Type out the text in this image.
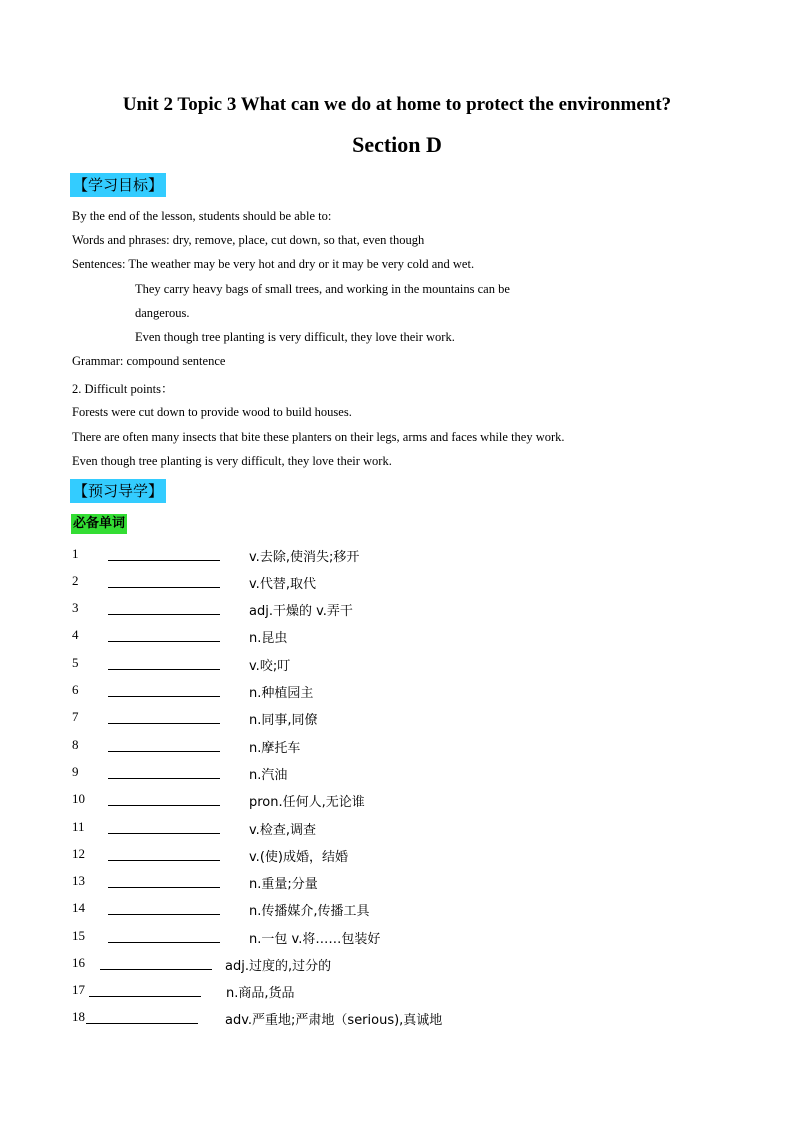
Unit 2 Topic 3 What can we do at home to protect the environment?
Section D
【学习目标】
By the end of the lesson, students should be able to:
Words and phrases: dry, remove, place, cut down, so that, even though
Sentences: The weather may be very hot and dry or it may be very cold and wet.
They carry heavy bags of small trees, and working in the mountains can be
dangerous.
Even though tree planting is very difficult, they love their work.
Grammar: compound sentence
2. Difficult points：
Forests were cut down to provide wood to build houses.
There are often many insects that bite these planters on their legs, arms and faces while they work.
Even though tree planting is very difficult, they love their work.
【预习导学】
必备单词
1	v.去除,使消失;移开
2	v.代替,取代
3	adj.干燥的 v.弄干
4	n.昆虫
5	v.咬;叮
6	n.种植园主
7	n.同事,同僚
8	n.摩托车
9	n.汽油
10	pron.任何人,无论谁
11	v.检查,调查
12	v.(使)成婚，结婚
13	n.重量;分量
14	n.传播媒介,传播工具
15	n.一包 v.将……包装好
16	adj.过度的,过分的
17	n.商品,货品
18	adv.严重地;严肃地（serious),真诚地
